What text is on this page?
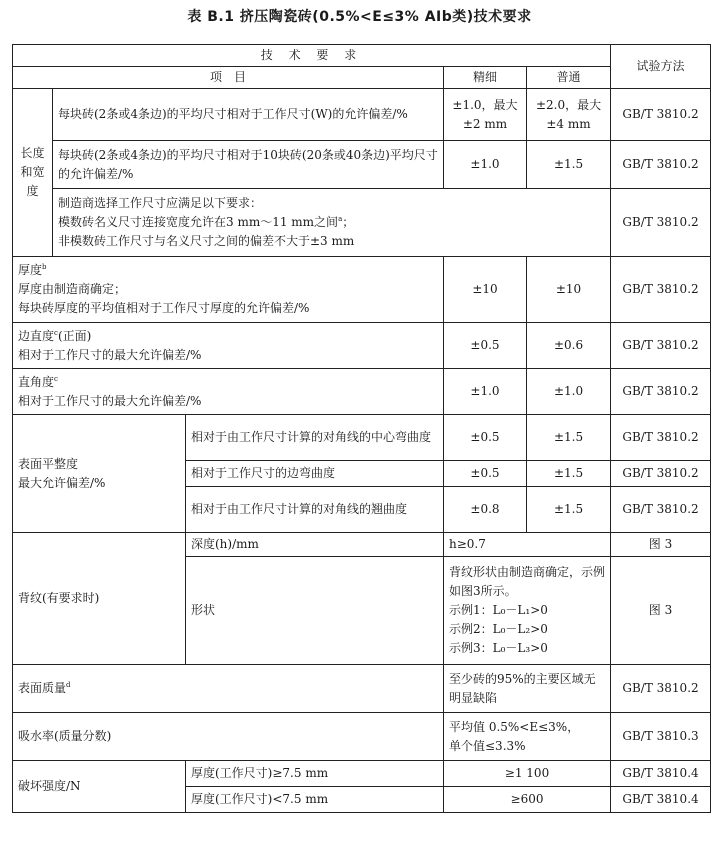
表 B.1 挤压陶瓷砖(0.5%<E≤3% AⅠb类)技术要求
技 术 要 求					试验方法
项　目			精细	普通	
长度和宽度	每块砖(2条或4条边)的平均尺寸相对于工作尺寸(W)的允许偏差/%		±1.0，最大±2 mm	±2.0，最大±4 mm	GB/T 3810.2
	每块砖(2条或4条边)的平均尺寸相对于10块砖(20条或40条边)平均尺寸的允许偏差/%		±1.0	±1.5	GB/T 3810.2

	制造商选择工作尺寸应满足以下要求：
模数砖名义尺寸连接宽度允许在3 mm～11 mm之间$^a$；
非模数砖工作尺寸与名义尺寸之间的偏差不大于±3 mm				GB/T 3810.2

厚度$^b$
厚度由制造商确定；
每块砖厚度的平均值相对于工作尺寸厚度的允许偏差/%			±10	±10	GB/T 3810.2

边直度$^c$(正面)
相对于工作尺寸的最大允许偏差/%			±0.5	±0.6	GB/T 3810.2

直角度$^c$
相对于工作尺寸的最大允许偏差/%			±1.0	±1.0	GB/T 3810.2

表面平整度
最大允许偏差/%		相对于由工作尺寸计算的对角线的中心弯曲度	±0.5	±1.5	GB/T 3810.2
		相对于工作尺寸的边弯曲度	±0.5	±1.5	GB/T 3810.2
		相对于由工作尺寸计算的对角线的翘曲度	±0.8	±1.5	GB/T 3810.2
背纹(有要求时)		深度(h)/mm	h≥0.7		图 3
		形状	背纹形状由制造商确定，示例如图3所示。
示例1：L₀－L₁>0
示例2：L₀－L₂>0
示例3：L₀－L₃>0		图 3
表面质量$^d$			至少砖的95%的主要区域无明显缺陷		GB/T 3810.2
吸水率(质量分数)			平均值 0.5%<E≤3%，
单个值≤3.3%		GB/T 3810.3
破坏强度/N		厚度(工作尺寸)≥7.5 mm	≥1 100		GB/T 3810.4
		厚度(工作尺寸)<7.5 mm	≥600		GB/T 3810.4
